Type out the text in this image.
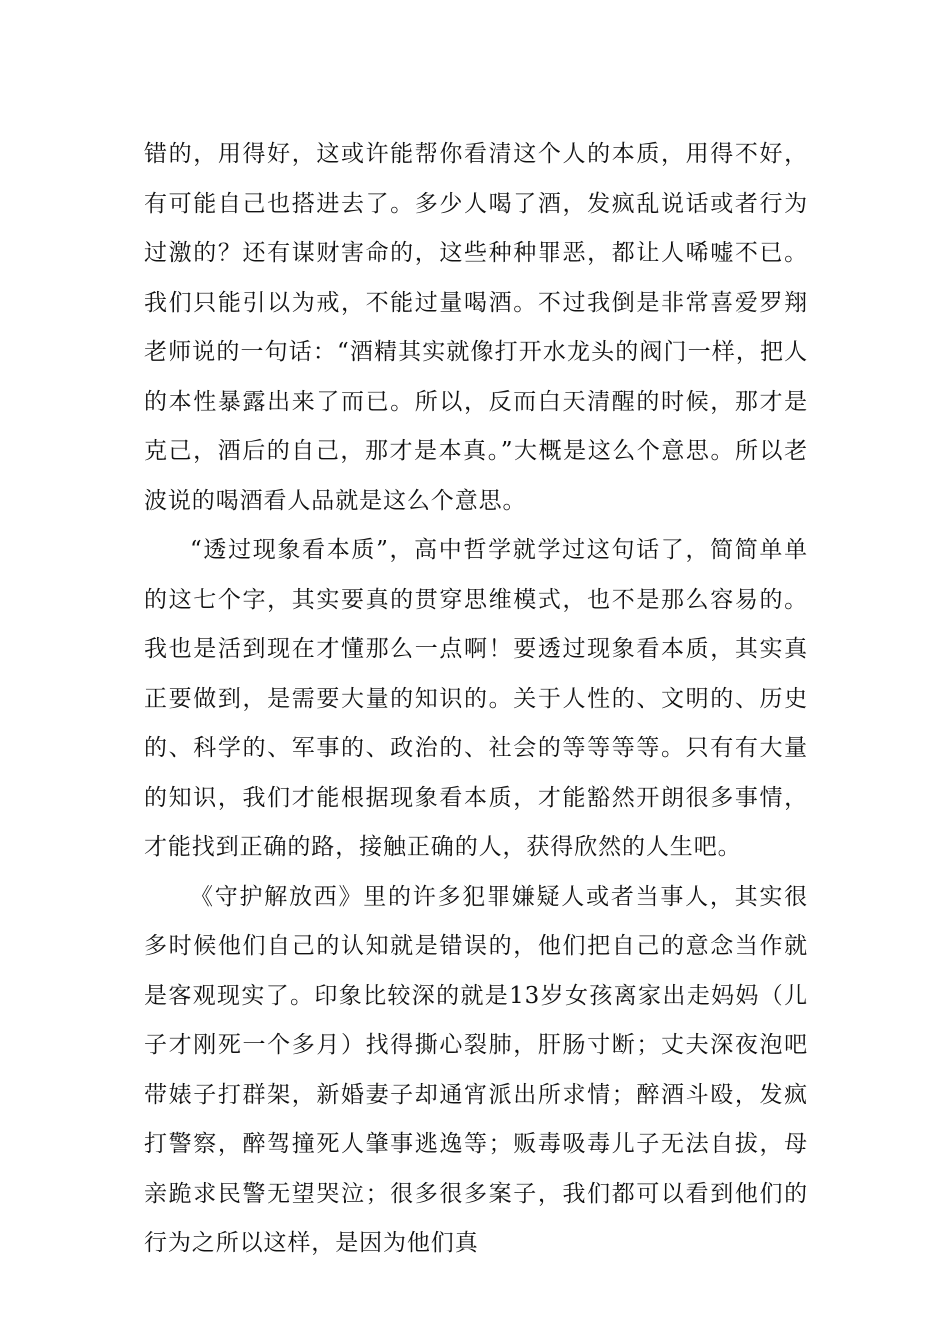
错的，用得好，这或许能帮你看清这个人的本质，用得不好，有可能自己也搭进去了。多少人喝了酒，发疯乱说话或者行为过激的？还有谋财害命的，这些种种罪恶，都让人唏嘘不已。我们只能引以为戒，不能过量喝酒。不过我倒是非常喜爱罗翔老师说的一句话：“酒精其实就像打开水龙头的阀门一样，把人的本性暴露出来了而已。所以，反而白天清醒的时候，那才是克己，酒后的自己，那才是本真。”大概是这么个意思。所以老波说的喝酒看人品就是这么个意思。

“透过现象看本质”，高中哲学就学过这句话了，简简单单的这七个字，其实要真的贯穿思维模式，也不是那么容易的。我也是活到现在才懂那么一点啊！要透过现象看本质，其实真正要做到，是需要大量的知识的。关于人性的、文明的、历史的、科学的、军事的、政治的、社会的等等等等。只有有大量的知识，我们才能根据现象看本质，才能豁然开朗很多事情，才能找到正确的路，接触正确的人，获得欣然的人生吧。

《守护解放西》里的许多犯罪嫌疑人或者当事人，其实很多时候他们自己的认知就是错误的，他们把自己的意念当作就是客观现实了。印象比较深的就是13岁女孩离家出走妈妈（儿子才刚死一个多月）找得撕心裂肺，肝肠寸断；丈夫深夜泡吧带婊子打群架，新婚妻子却通宵派出所求情；醉酒斗殴，发疯打警察，醉驾撞死人肇事逃逸等；贩毒吸毒儿子无法自拔，母亲跪求民警无望哭泣；很多很多案子，我们都可以看到他们的行为之所以这样，是因为他们真
